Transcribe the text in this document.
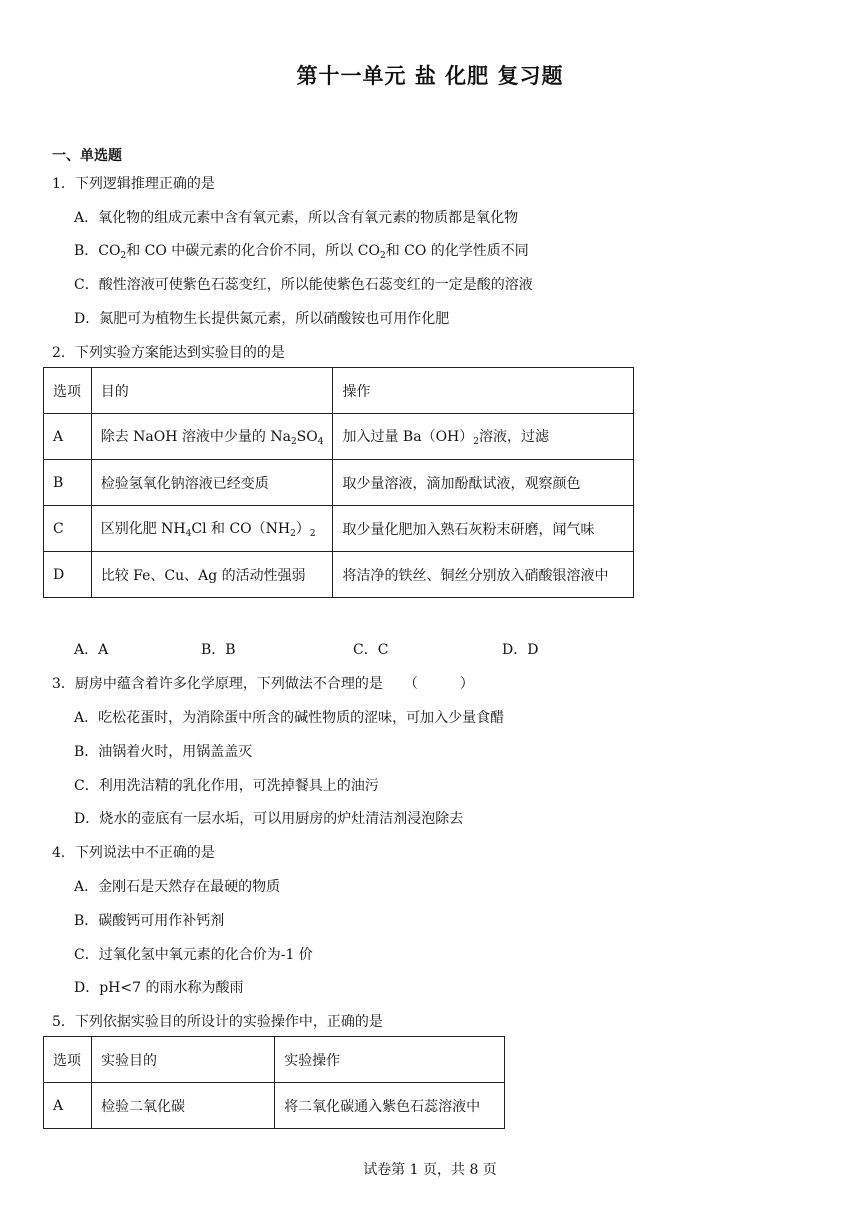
第十一单元 盐 化肥 复习题
一、单选题
1．下列逻辑推理正确的是
A．氧化物的组成元素中含有氧元素，所以含有氧元素的物质都是氧化物
B．$CO_2$和 CO 中碳元素的化合价不同，所以 $CO_2$和 CO 的化学性质不同
C．酸性溶液可使紫色石蕊变红，所以能使紫色石蕊变红的一定是酸的溶液
D．氮肥可为植物生长提供氮元素，所以硝酸铵也可用作化肥
2．下列实验方案能达到实验目的的是
选项	目的	操作
A	除去 NaOH 溶液中少量的 $Na_2SO_4$	加入过量 $Ba(OH)_2$溶液，过滤
B	检验氢氧化钠溶液已经变质	取少量溶液，滴加酚酞试液，观察颜色
C	区别化肥 $NH_4Cl$ 和 $CO(NH_2)_2$	取少量化肥加入熟石灰粉末研磨，闻气味
D	比较 Fe、Cu、Ag 的活动性强弱	将洁净的铁丝、铜丝分别放入硝酸银溶液中
A．A	B．B	C．C	D．D
3．厨房中蕴含着许多化学原理，下列做法不合理的是　　（　　　）
A．吃松花蛋时，为消除蛋中所含的碱性物质的涩味，可加入少量食醋
B．油锅着火时，用锅盖盖灭
C．利用洗洁精的乳化作用，可洗掉餐具上的油污
D．烧水的壶底有一层水垢，可以用厨房的炉灶清洁剂浸泡除去
4．下列说法中不正确的是
A．金刚石是天然存在最硬的物质
B．碳酸钙可用作补钙剂
C．过氧化氢中氧元素的化合价为-1 价
D．pH<7 的雨水称为酸雨
5．下列依据实验目的所设计的实验操作中，正确的是
选项	实验目的	实验操作
A	检验二氧化碳	将二氧化碳通入紫色石蕊溶液中
试卷第 1 页，共 8 页
